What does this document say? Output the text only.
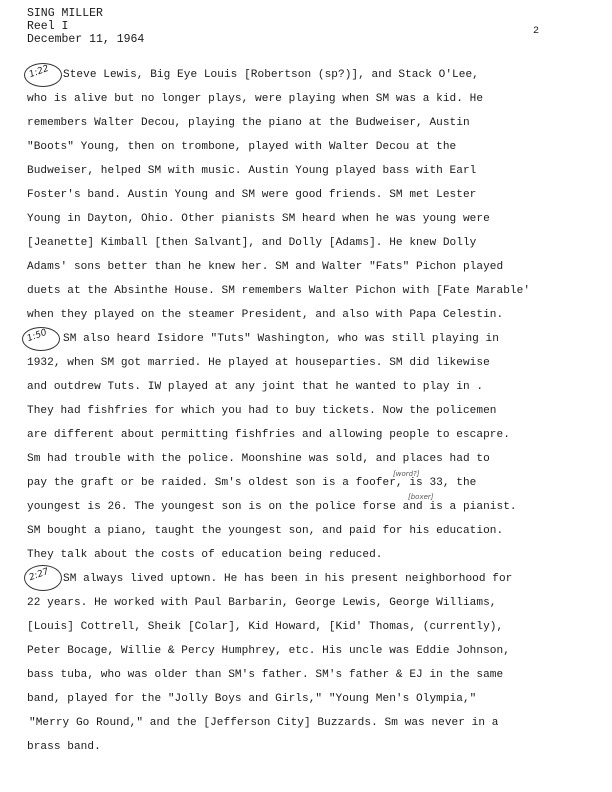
SING MILLER
Reel I
December 11, 1964
2
1:22
1:50
2:27
[word?]
[boxer]
Steve Lewis, Big Eye Louis [Robertson (sp?)], and Stack O'Lee,
who is alive but no longer plays, were playing when SM was a kid. He
remembers Walter Decou, playing the piano at the Budweiser, Austin
"Boots" Young, then on trombone, played with Walter Decou at the
Budweiser, helped SM with music. Austin Young played bass with Earl
Foster's band. Austin Young and SM were good friends. SM met Lester
Young in Dayton, Ohio. Other pianists SM heard when he was young were
[Jeanette] Kimball [then Salvant], and Dolly [Adams]. He knew Dolly
Adams' sons better than he knew her. SM and Walter "Fats" Pichon played
duets at the Absinthe House. SM remembers Walter Pichon with [Fate Marable'
when they played on the steamer President, and also with Papa Celestin.
SM also heard Isidore "Tuts" Washington, who was still playing in
1932, when SM got married. He played at houseparties. SM did likewise
and outdrew Tuts. IW played at any joint that he wanted to play in .
They had fishfries for which you had to buy tickets. Now the policemen
are different about permitting fishfries and allowing people to escapre.
Sm had trouble with the police. Moonshine was sold, and places had to
pay the graft or be raided. Sm's oldest son is a foofer, is 33, the
youngest is 26. The youngest son is on the police forse and is a pianist.
SM bought a piano, taught the youngest son, and paid for his education.
They talk about the costs of education being reduced.
SM always lived uptown. He has been in his present neighborhood for
22 years. He worked with Paul Barbarin, George Lewis, George Williams,
[Louis] Cottrell, Sheik [Colar], Kid Howard, [Kid' Thomas, (currently),
Peter Bocage, Willie & Percy Humphrey, etc. His uncle was Eddie Johnson,
bass tuba, who was older than SM's father. SM's father & EJ in the same
band, played for the "Jolly Boys and Girls," "Young Men's Olympia,"
"Merry Go Round," and the [Jefferson City] Buzzards. Sm was never in a
brass band.
